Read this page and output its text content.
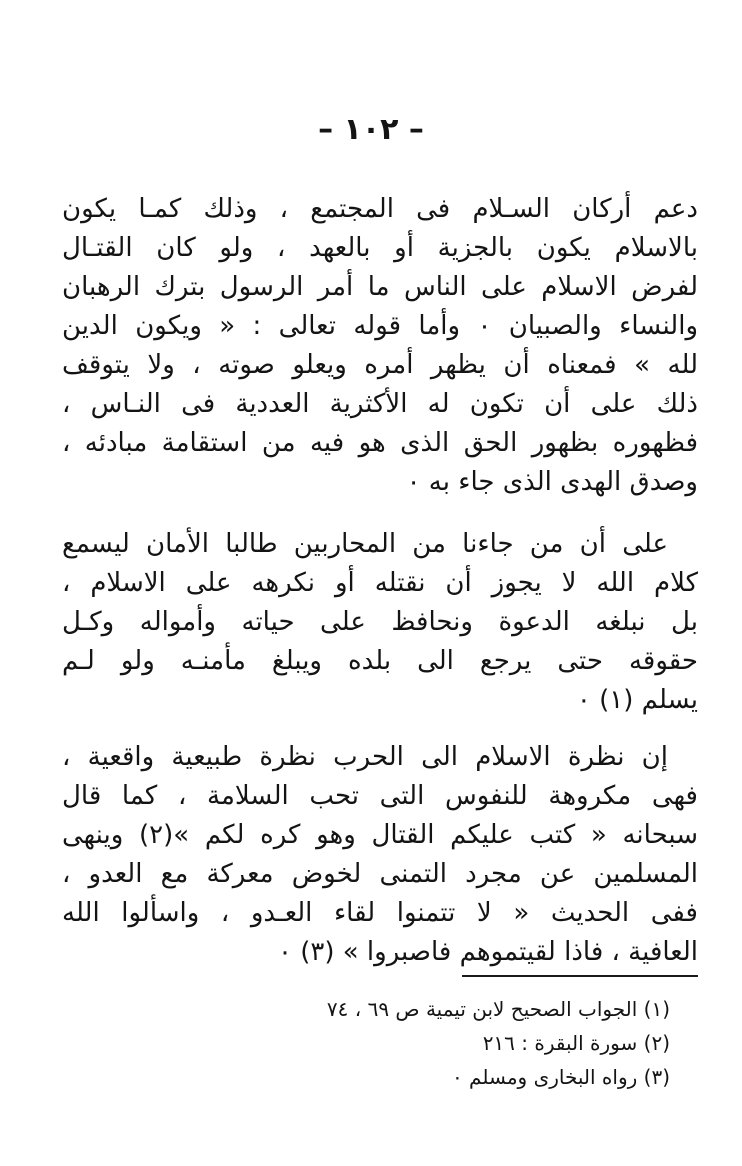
– ١٠٢ –
دعم أركان السـلام فى المجتمع ، وذلك كمـا يكون
بالاسلام يكون بالجزية أو بالعهد ، ولو كان القتـال
لفرض الاسلام على الناس ما أمر الرسول بترك الرهبان
والنساء والصبيان ٠ وأما قوله تعالى : « ويكون الدين
لله » فمعناه أن يظهر أمره ويعلو صوته ، ولا يتوقف
ذلك على أن تكون له الأكثرية العددية فى النـاس ،
فظهوره بظهور الحق الذى هو فيه من استقامة مبادئه ،
وصدق الهدى الذى جاء به ٠
على أن من جاءنا من المحاربين طالبا الأمان ليسمع
كلام الله لا يجوز أن نقتله أو نكرهه على الاسلام ،
بل نبلغه الدعوة ونحافظ على حياته وأمواله وكـل
حقوقه حتى يرجع الى بلده ويبلغ مأمنـه ولو لـم
يسلم (١) ٠
إن نظرة الاسلام الى الحرب نظرة طبيعية واقعية ،
فهى مكروهة للنفوس التى تحب السلامة ، كما قال
سبحانه « كتب عليكم القتال وهو كره لكم »(٢) وينهى
المسلمين عن مجرد التمنى لخوض معركة مع العدو ،
ففى الحديث « لا تتمنوا لقاء العـدو ، واسألوا الله
العافية ، فاذا لقيتموهم فاصبروا » (٣) ٠
(١) الجواب الصحيح لابن تيمية ص ٦٩ ، ٧٤
(٢) سورة البقرة : ٢١٦
(٣) رواه البخارى ومسلم ٠
